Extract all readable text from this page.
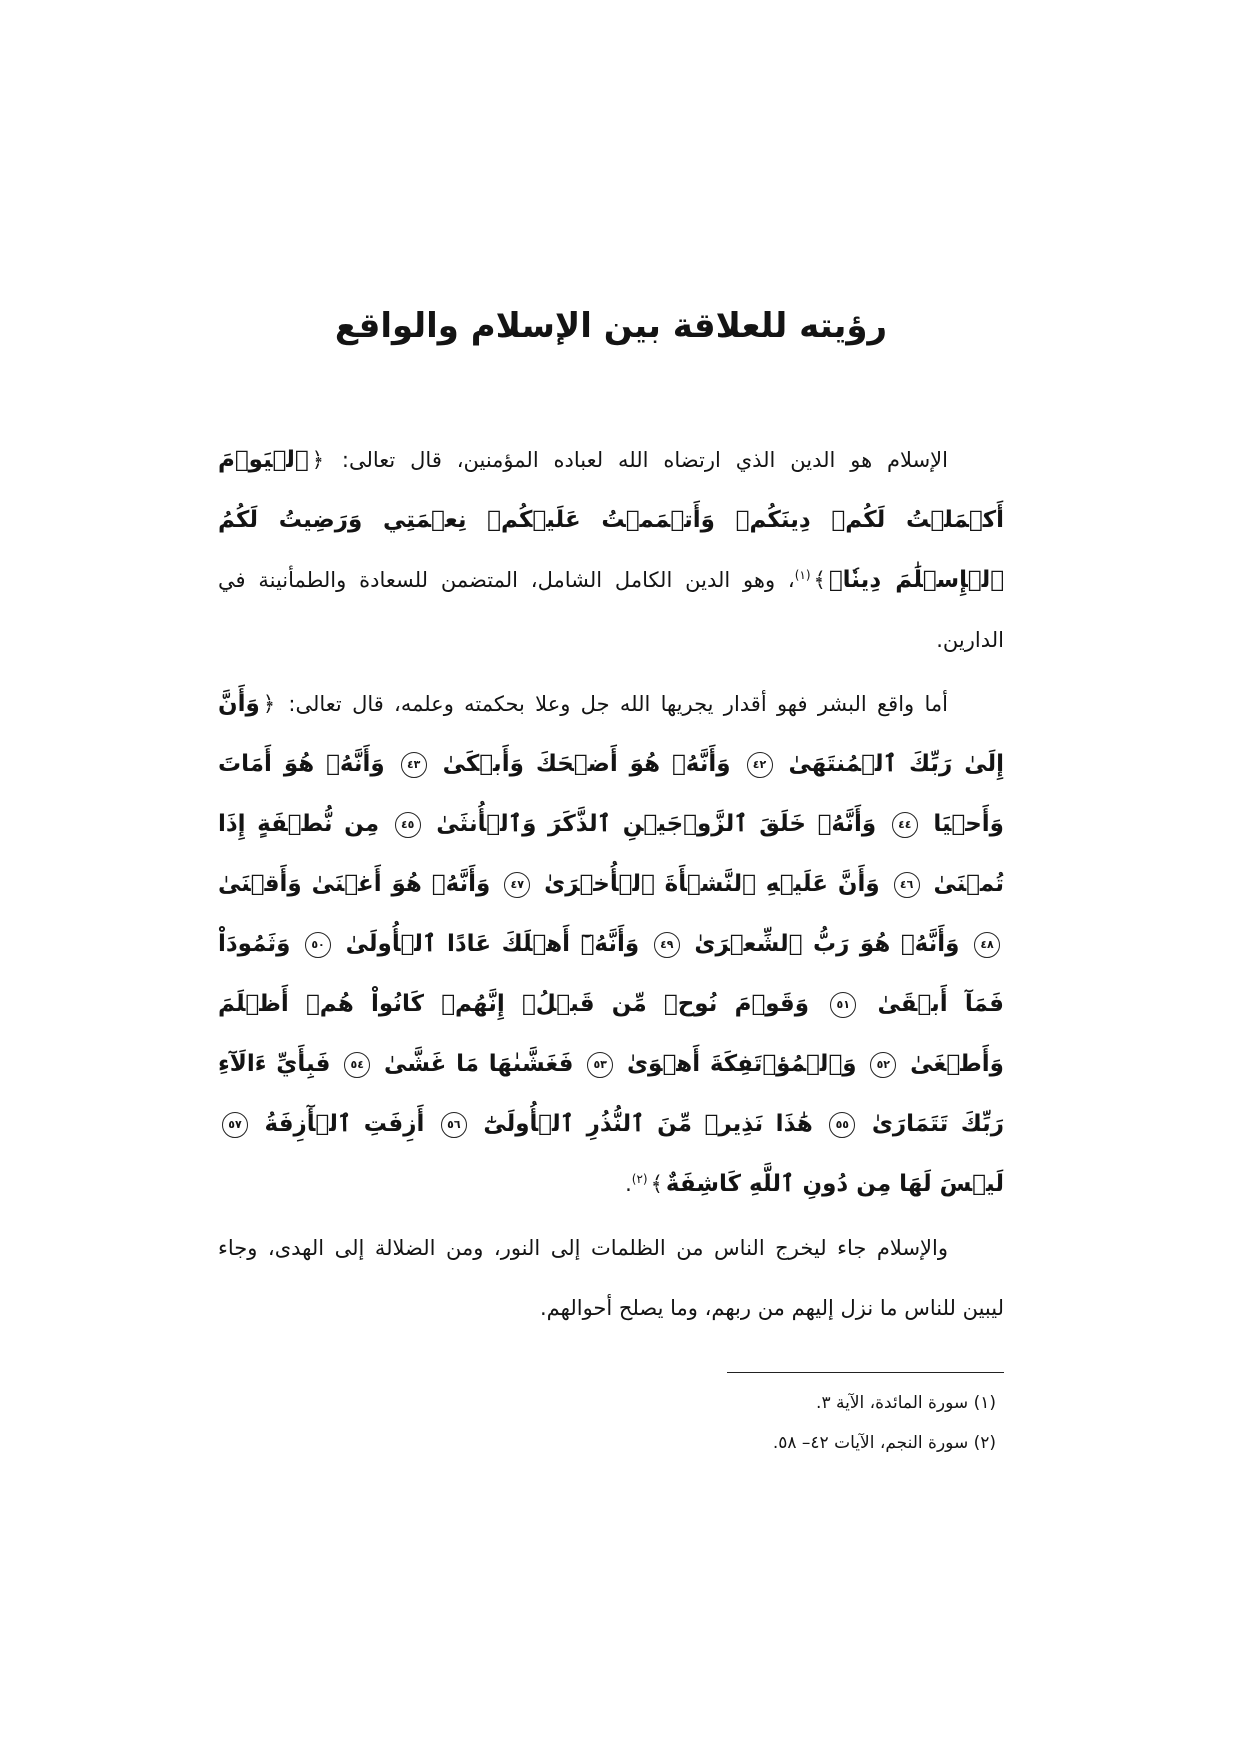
رؤيته للعلاقة بين الإسلام والواقع

الإسلام هو الدين الذي ارتضاه الله لعباده المؤمنين، قال تعالى: ﴿ٱلۡيَوۡمَ أَكۡمَلۡتُ لَكُمۡ دِينَكُمۡ وَأَتۡمَمۡتُ عَلَيۡكُمۡ نِعۡمَتِي وَرَضِيتُ لَكُمُ ٱلۡإِسۡلَٰمَ دِينٗاۚ﴾$^{(١)}$، وهو الدين الكامل الشامل، المتضمن للسعادة والطمأنينة في الدارين.

أما واقع البشر فهو أقدار يجريها الله جل وعلا بحكمته وعلمه، قال تعالى: ﴿وَأَنَّ إِلَىٰ رَبِّكَ ٱلۡمُنتَهَىٰ ٤٢ وَأَنَّهُۥ هُوَ أَضۡحَكَ وَأَبۡكَىٰ ٤٣ وَأَنَّهُۥ هُوَ أَمَاتَ وَأَحۡيَا ٤٤ وَأَنَّهُۥ خَلَقَ ٱلزَّوۡجَيۡنِ ٱلذَّكَرَ وَٱلۡأُنثَىٰ ٤٥ مِن نُّطۡفَةٍ إِذَا تُمۡنَىٰ ٤٦ وَأَنَّ عَلَيۡهِ ٱلنَّشۡأَةَ ٱلۡأُخۡرَىٰ ٤٧ وَأَنَّهُۥ هُوَ أَغۡنَىٰ وَأَقۡنَىٰ ٤٨ وَأَنَّهُۥ هُوَ رَبُّ ٱلشِّعۡرَىٰ ٤٩ وَأَنَّهُۥٓ أَهۡلَكَ عَادًا ٱلۡأُولَىٰ ٥٠ وَثَمُودَاْ فَمَآ أَبۡقَىٰ ٥١ وَقَوۡمَ نُوحٖ مِّن قَبۡلُۖ إِنَّهُمۡ كَانُواْ هُمۡ أَظۡلَمَ وَأَطۡغَىٰ ٥٢ وَٱلۡمُؤۡتَفِكَةَ أَهۡوَىٰ ٥٣ فَغَشَّىٰهَا مَا غَشَّىٰ ٥٤ فَبِأَيِّ ءَالَآءِ رَبِّكَ تَتَمَارَىٰ ٥٥ هَٰذَا نَذِيرٞ مِّنَ ٱلنُّذُرِ ٱلۡأُولَىٰٓ ٥٦ أَزِفَتِ ٱلۡأٓزِفَةُ ٥٧ لَيۡسَ لَهَا مِن دُونِ ٱللَّهِ كَاشِفَةٌ﴾$^{(٢)}$.

والإسلام جاء ليخرج الناس من الظلمات إلى النور، ومن الضلالة إلى الهدى، وجاء ليبين للناس ما نزل إليهم من ربهم، وما يصلح أحوالهم.

(١) سورة المائدة، الآية ٣.

(٢) سورة النجم، الآيات ٤٢– ٥٨.
